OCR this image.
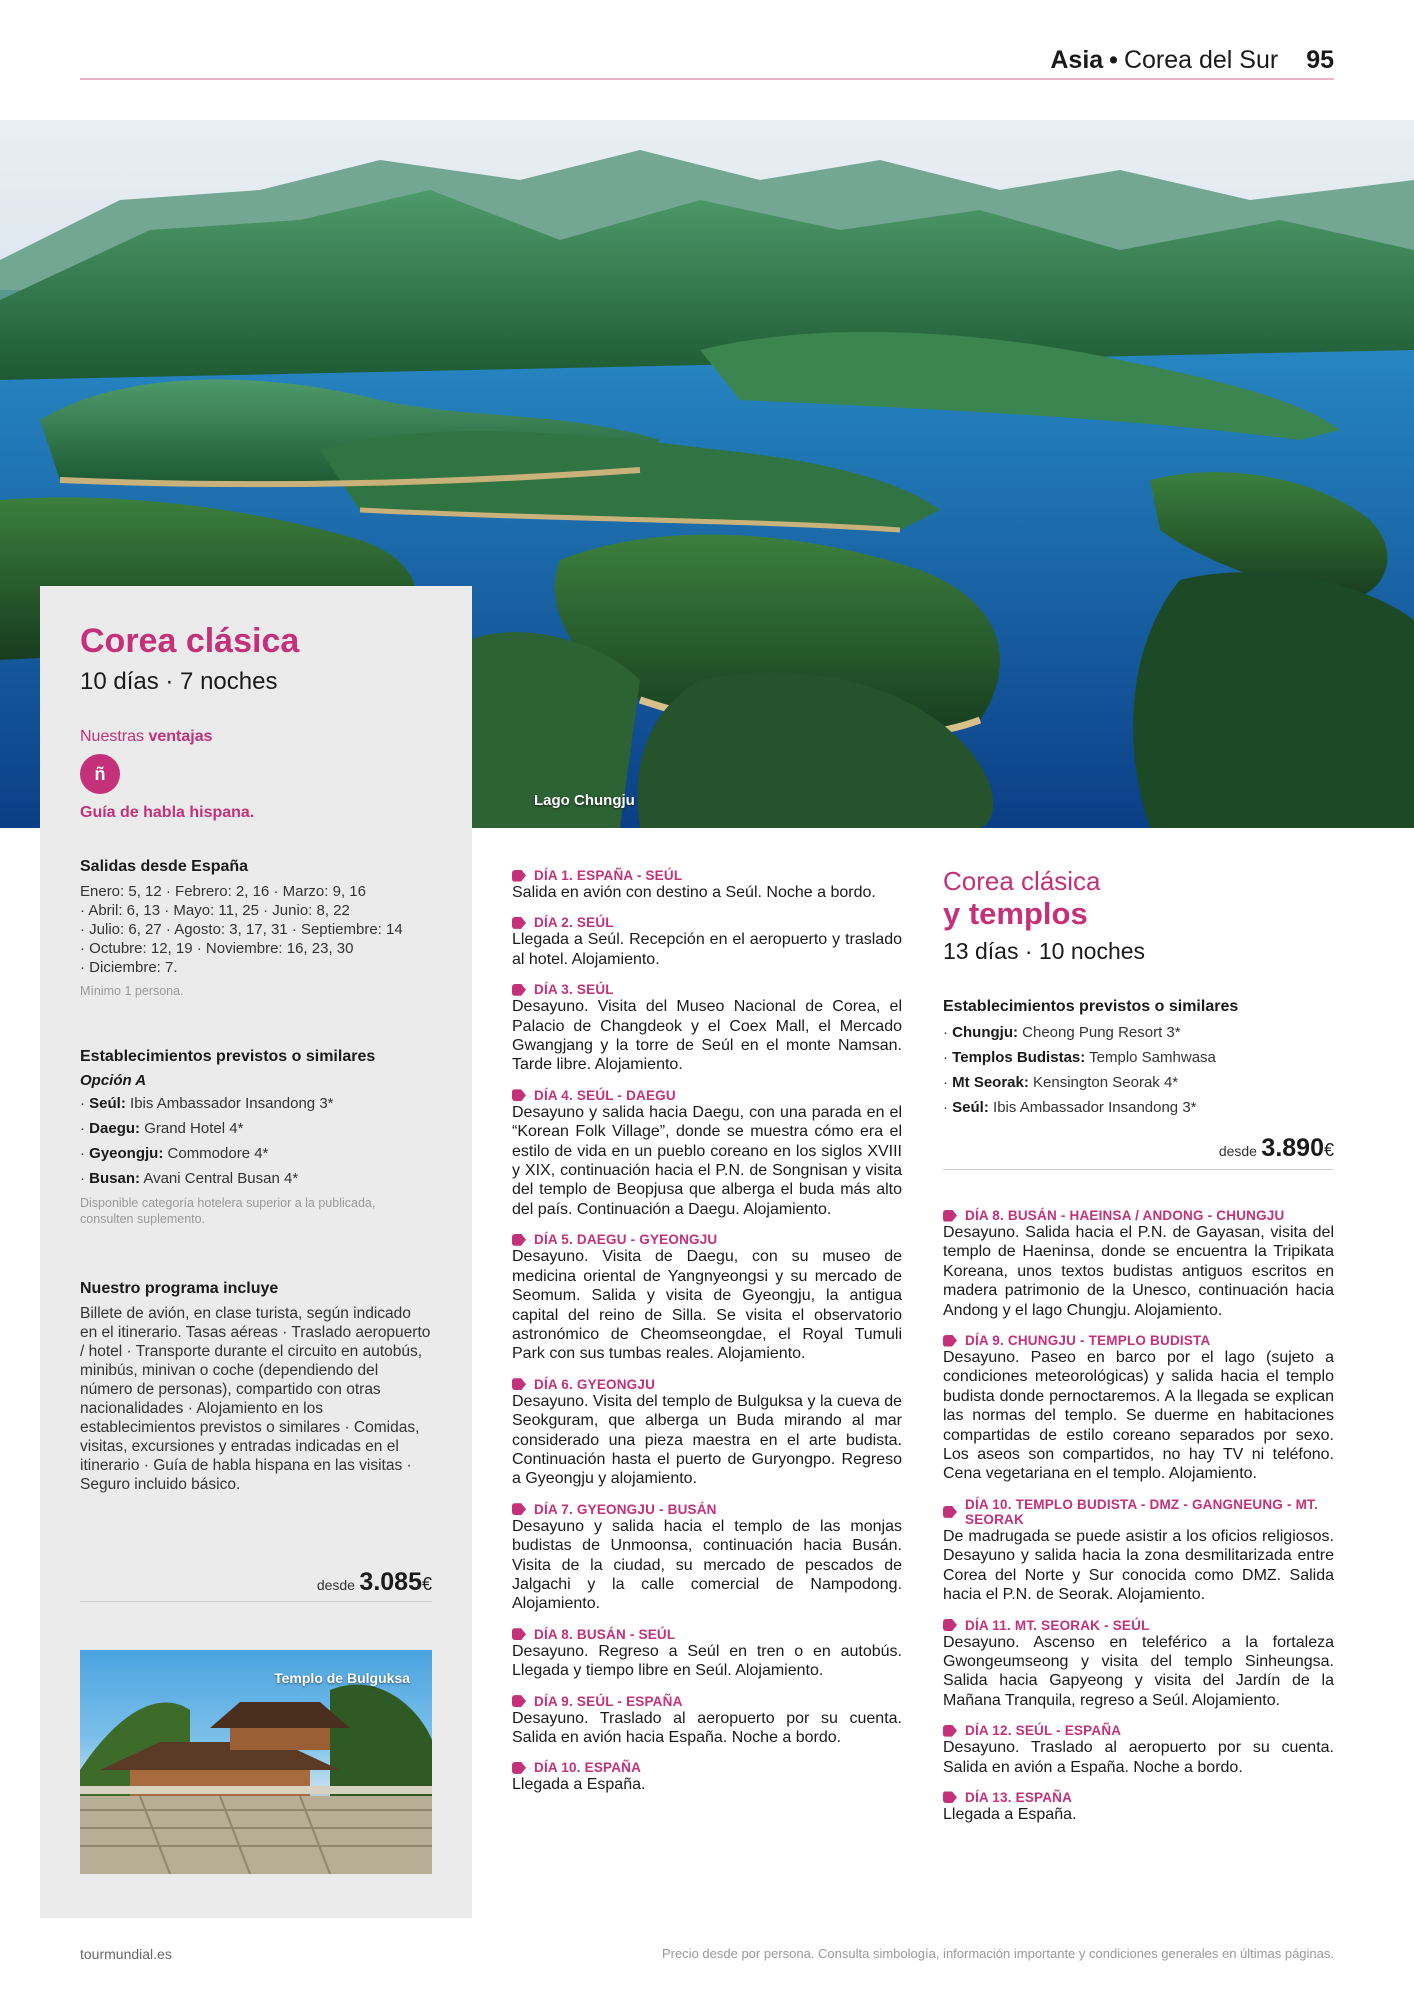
Asia • Corea del Sur 95
Lago Chungju
Corea clásica
10 días · 7 noches
Nuestras ventajas
ñ
Guía de habla hispana.
Salidas desde España
Enero: 5, 12 · Febrero: 2, 16 · Marzo: 9, 16
· Abril: 6, 13 · Mayo: 11, 25 · Junio: 8, 22
· Julio: 6, 27 · Agosto: 3, 17, 31 · Septiembre: 14
· Octubre: 12, 19 · Noviembre: 16, 23, 30
· Diciembre: 7.
Mínimo 1 persona.
Establecimientos previstos o similares
Opción A
· Seúl: Ibis Ambassador Insandong 3*
· Daegu: Grand Hotel 4*
· Gyeongju: Commodore 4*
· Busan: Avani Central Busan 4*
Disponible categoría hotelera superior a la publicada, consulten suplemento.
Nuestro programa incluye
Billete de avión, en clase turista, según indicado en el itinerario. Tasas aéreas · Traslado aeropuerto / hotel · Transporte durante el circuito en autobús, minibús, minivan o coche (dependiendo del número de personas), compartido con otras nacionalidades · Alojamiento en los establecimientos previstos o similares · Comidas, visitas, excursiones y entradas indicadas en el itinerario · Guía de habla hispana en las visitas · Seguro incluido básico.
desde 3.085€
Templo de Bulguksa
DÍA 1. ESPAÑA - SEÚL
Salida en avión con destino a Seúl. Noche a bordo.
DÍA 2. SEÚL
Llegada a Seúl. Recepción en el aeropuerto y traslado al hotel. Alojamiento.
DÍA 3. SEÚL
Desayuno. Visita del Museo Nacional de Corea, el Palacio de Changdeok y el Coex Mall, el Mercado Gwangjang y la torre de Seúl en el monte Namsan. Tarde libre. Alojamiento.
DÍA 4. SEÚL - DAEGU
Desayuno y salida hacia Daegu, con una parada en el “Korean Folk Village”, donde se muestra cómo era el estilo de vida en un pueblo coreano en los siglos XVIII y XIX, continuación hacia el P.N. de Songnisan y visita del templo de Beopjusa que alberga el buda más alto del país. Continuación a Daegu. Alojamiento.
DÍA 5. DAEGU - GYEONGJU
Desayuno. Visita de Daegu, con su museo de medicina oriental de Yangnyeongsi y su mercado de Seomum. Salida y visita de Gyeongju, la antigua capital del reino de Silla. Se visita el observatorio astronómico de Cheomseongdae, el Royal Tumuli Park con sus tumbas reales. Alojamiento.
DÍA 6. GYEONGJU
Desayuno. Visita del templo de Bulguksa y la cueva de Seokguram, que alberga un Buda mirando al mar considerado una pieza maestra en el arte budista. Continuación hasta el puerto de Guryongpo. Regreso a Gyeongju y alojamiento.
DÍA 7. GYEONGJU - BUSÁN
Desayuno y salida hacia el templo de las monjas budistas de Unmoonsa, continuación hacia Busán. Visita de la ciudad, su mercado de pescados de Jalgachi y la calle comercial de Nampodong. Alojamiento.
DÍA 8. BUSÁN - SEÚL
Desayuno. Regreso a Seúl en tren o en autobús. Llegada y tiempo libre en Seúl. Alojamiento.
DÍA 9. SEÚL - ESPAÑA
Desayuno. Traslado al aeropuerto por su cuenta. Salida en avión hacia España. Noche a bordo.
DÍA 10. ESPAÑA
Llegada a España.
Corea clásica
y templos
13 días · 10 noches
Establecimientos previstos o similares
· Chungju: Cheong Pung Resort 3*
· Templos Budistas: Templo Samhwasa
· Mt Seorak: Kensington Seorak 4*
· Seúl: Ibis Ambassador Insandong 3*
desde 3.890€
DÍA 8. BUSÁN - HAEINSA / ANDONG - CHUNGJU
Desayuno. Salida hacia el P.N. de Gayasan, visita del templo de Haeninsa, donde se encuentra la Tripikata Koreana, unos textos budistas antiguos escritos en madera patrimonio de la Unesco, continuación hacia Andong y el lago Chungju. Alojamiento.
DÍA 9. CHUNGJU - TEMPLO BUDISTA
Desayuno. Paseo en barco por el lago (sujeto a condiciones meteorológicas) y salida hacia el templo budista donde pernoctaremos. A la llegada se explican las normas del templo. Se duerme en habitaciones compartidas de estilo coreano separados por sexo. Los aseos son compartidos, no hay TV ni teléfono. Cena vegetariana en el templo. Alojamiento.
DÍA 10. TEMPLO BUDISTA - DMZ - GANGNEUNG - MT. SEORAK
De madrugada se puede asistir a los oficios religiosos. Desayuno y salida hacia la zona desmilitarizada entre Corea del Norte y Sur conocida como DMZ. Salida hacia el P.N. de Seorak. Alojamiento.
DÍA 11. MT. SEORAK - SEÚL
Desayuno. Ascenso en teleférico a la fortaleza Gwongeumseong y visita del templo Sinheungsa. Salida hacia Gapyeong y visita del Jardín de la Mañana Tranquila, regreso a Seúl. Alojamiento.
DÍA 12. SEÚL - ESPAÑA
Desayuno. Traslado al aeropuerto por su cuenta. Salida en avión a España. Noche a bordo.
DÍA 13. ESPAÑA
Llegada a España.
tourmundial.es	Precio desde por persona. Consulta simbología, información importante y condiciones generales en últimas páginas.
